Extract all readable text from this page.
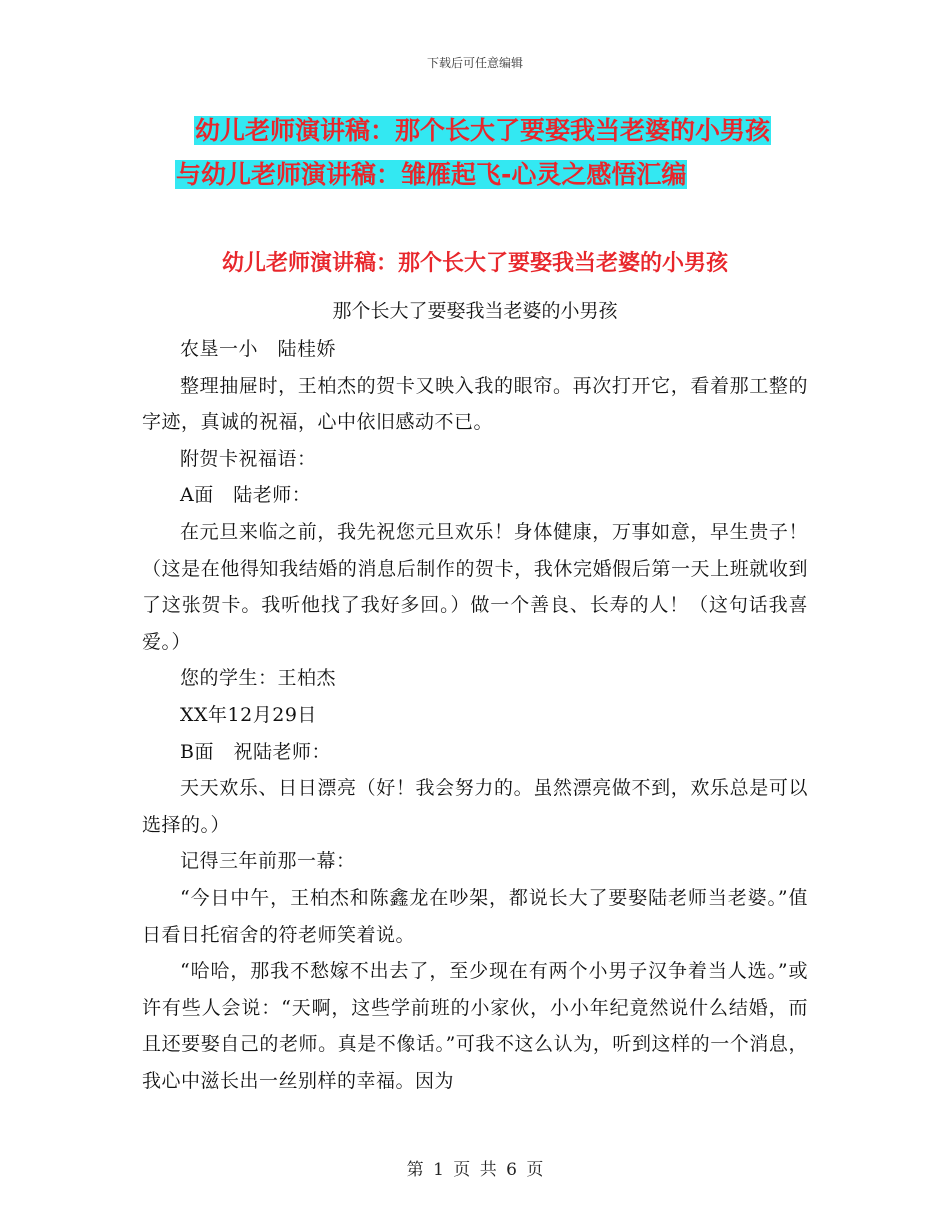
下载后可任意编辑
幼儿老师演讲稿：那个长大了要娶我当老婆的小男孩
与幼儿老师演讲稿：雏雁起飞-心灵之感悟汇编
幼儿老师演讲稿：那个长大了要娶我当老婆的小男孩
那个长大了要娶我当老婆的小男孩

农垦一小　陆桂娇

整理抽屉时，王柏杰的贺卡又映入我的眼帘。再次打开它，看着那工整的字迹，真诚的祝福，心中依旧感动不已。

附贺卡祝福语：

A面　陆老师：

在元旦来临之前，我先祝您元旦欢乐！身体健康，万事如意，早生贵子！（这是在他得知我结婚的消息后制作的贺卡，我休完婚假后第一天上班就收到了这张贺卡。我听他找了我好多回。）做一个善良、长寿的人！（这句话我喜爱。）

您的学生：王柏杰

XX年12月29日

B面　祝陆老师：

天天欢乐、日日漂亮（好！我会努力的。虽然漂亮做不到，欢乐总是可以选择的。）

记得三年前那一幕：

“今日中午，王柏杰和陈鑫龙在吵架，都说长大了要娶陆老师当老婆。”值日看日托宿舍的符老师笑着说。

“哈哈，那我不愁嫁不出去了，至少现在有两个小男子汉争着当人选。”或许有些人会说：“天啊，这些学前班的小家伙，小小年纪竟然说什么结婚，而且还要娶自己的老师。真是不像话。”可我不这么认为，听到这样的一个消息，我心中滋长出一丝别样的幸福。因为

第 1 页 共 6 页
